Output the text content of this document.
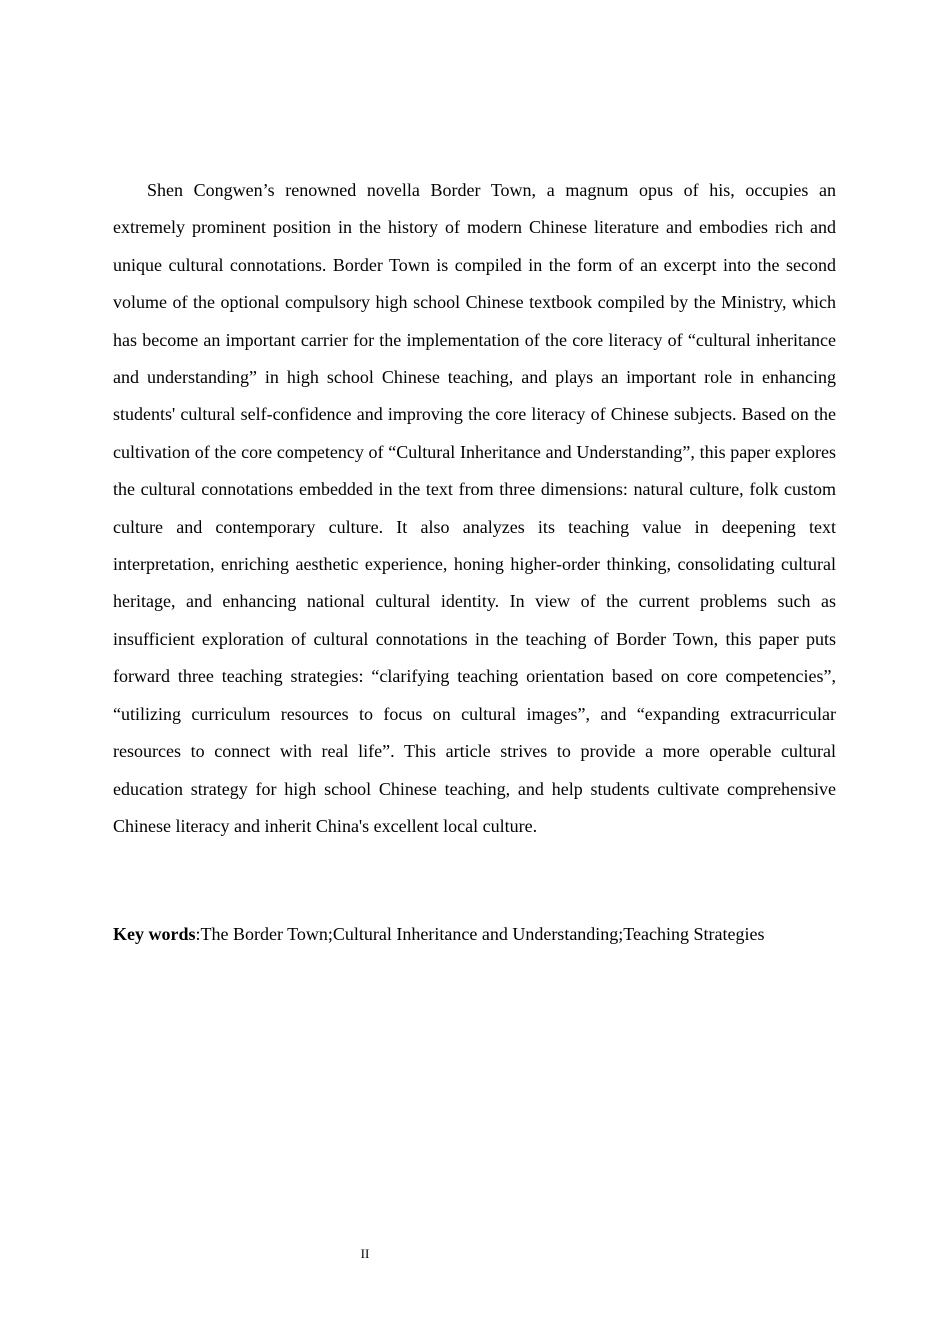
Shen Congwen’s renowned novella Border Town, a magnum opus of his, occupies an extremely prominent position in the history of modern Chinese literature and embodies rich and unique cultural connotations. Border Town is compiled in the form of an excerpt into the second volume of the optional compulsory high school Chinese textbook compiled by the Ministry, which has become an important carrier for the implementation of the core literacy of “cultural inheritance and understanding” in high school Chinese teaching, and plays an important role in enhancing students' cultural self-confidence and improving the core literacy of Chinese subjects. Based on the cultivation of the core competency of “Cultural Inheritance and Understanding”, this paper explores the cultural connotations embedded in the text from three dimensions: natural culture, folk custom culture and contemporary culture. It also analyzes its teaching value in deepening text interpretation, enriching aesthetic experience, honing higher-order thinking, consolidating cultural heritage, and enhancing national cultural identity. In view of the current problems such as insufficient exploration of cultural connotations in the teaching of Border Town, this paper puts forward three teaching strategies: “clarifying teaching orientation based on core competencies”, “utilizing curriculum resources to focus on cultural images”, and “expanding extracurricular resources to connect with real life”. This article strives to provide a more operable cultural education strategy for high school Chinese teaching, and help students cultivate comprehensive Chinese literacy and inherit China's excellent local culture.

Key words:The Border Town;Cultural Inheritance and Understanding;Teaching Strategies

II
